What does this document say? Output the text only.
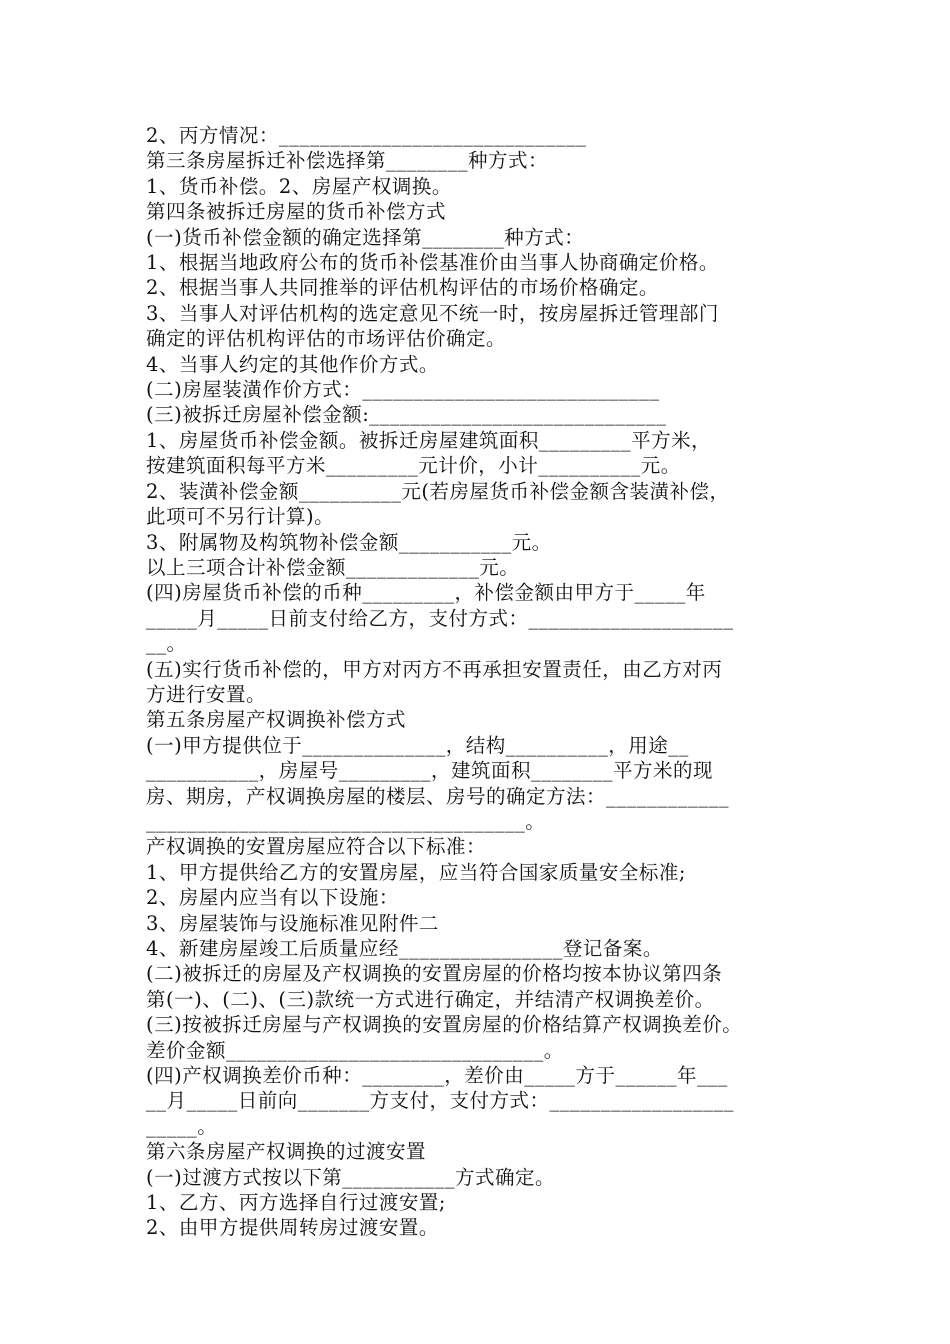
2、丙方情况：______________________________
第三条房屋拆迁补偿选择第________种方式：
1、货币补偿。2、房屋产权调换。
第四条被拆迁房屋的货币补偿方式
(一)货币补偿金额的确定选择第________种方式：
1、根据当地政府公布的货币补偿基准价由当事人协商确定价格。
2、根据当事人共同推举的评估机构评估的市场价格确定。
3、当事人对评估机构的选定意见不统一时，按房屋拆迁管理部门
确定的评估机构评估的市场评估价确定。
4、当事人约定的其他作价方式。
(二)房屋装潢作价方式：_____________________________
(三)被拆迁房屋补偿金额:_____________________________
1、房屋货币补偿金额。被拆迁房屋建筑面积_________平方米，
按建筑面积每平方米_________元计价，小计__________元。
2、装潢补偿金额__________元(若房屋货币补偿金额含装潢补偿，
此项可不另行计算)。
3、附属物及构筑物补偿金额___________元。
以上三项合计补偿金额_____________元。
(四)房屋货币补偿的币种_________，补偿金额由甲方于_____年
_____月_____日前支付给乙方，支付方式：____________________
__。
(五)实行货币补偿的，甲方对丙方不再承担安置责任，由乙方对丙
方进行安置。
第五条房屋产权调换补偿方式
(一)甲方提供位于______________，结构__________，用途__
___________，房屋号_________，建筑面积________平方米的现
房、期房，产权调换房屋的楼层、房号的确定方法：____________
_____________________________________。
产权调换的安置房屋应符合以下标准：
1、甲方提供给乙方的安置房屋，应当符合国家质量安全标准;
2、房屋内应当有以下设施：
3、房屋装饰与设施标准见附件二
4、新建房屋竣工后质量应经________________登记备案。
(二)被拆迁的房屋及产权调换的安置房屋的价格均按本协议第四条
第(一)、(二)、(三)款统一方式进行确定，并结清产权调换差价。
(三)按被拆迁房屋与产权调换的安置房屋的价格结算产权调换差价。
差价金额_______________________________。
(四)产权调换差价币种：________，差价由_____方于______年___
__月_____日前向_______方支付，支付方式：__________________
_____。
第六条房屋产权调换的过渡安置
(一)过渡方式按以下第___________方式确定。
1、乙方、丙方选择自行过渡安置;
2、由甲方提供周转房过渡安置。
